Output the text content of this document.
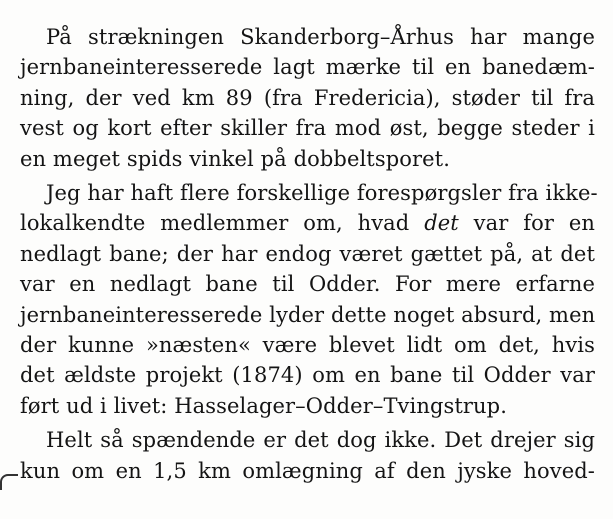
På strækningen Skanderborg–Århus har mange
jernbaneinteresserede lagt mærke til en banedæm-
ning, der ved km 89 (fra Fredericia), støder til fra
vest og kort efter skiller fra mod øst, begge steder i
en meget spids vinkel på dobbeltsporet.

Jeg har haft flere forskellige forespørgsler fra ikke-
lokalkendte medlemmer om, hvad det var for en
nedlagt bane; der har endog været gættet på, at det
var en nedlagt bane til Odder. For mere erfarne
jernbaneinteresserede lyder dette noget absurd, men
der kunne »næsten« være blevet lidt om det, hvis
det ældste projekt (1874) om en bane til Odder var
ført ud i livet: Hasselager–Odder–Tvingstrup.

Helt så spændende er det dog ikke. Det drejer sig
kun om en 1,5 km omlægning af den jyske hoved-
